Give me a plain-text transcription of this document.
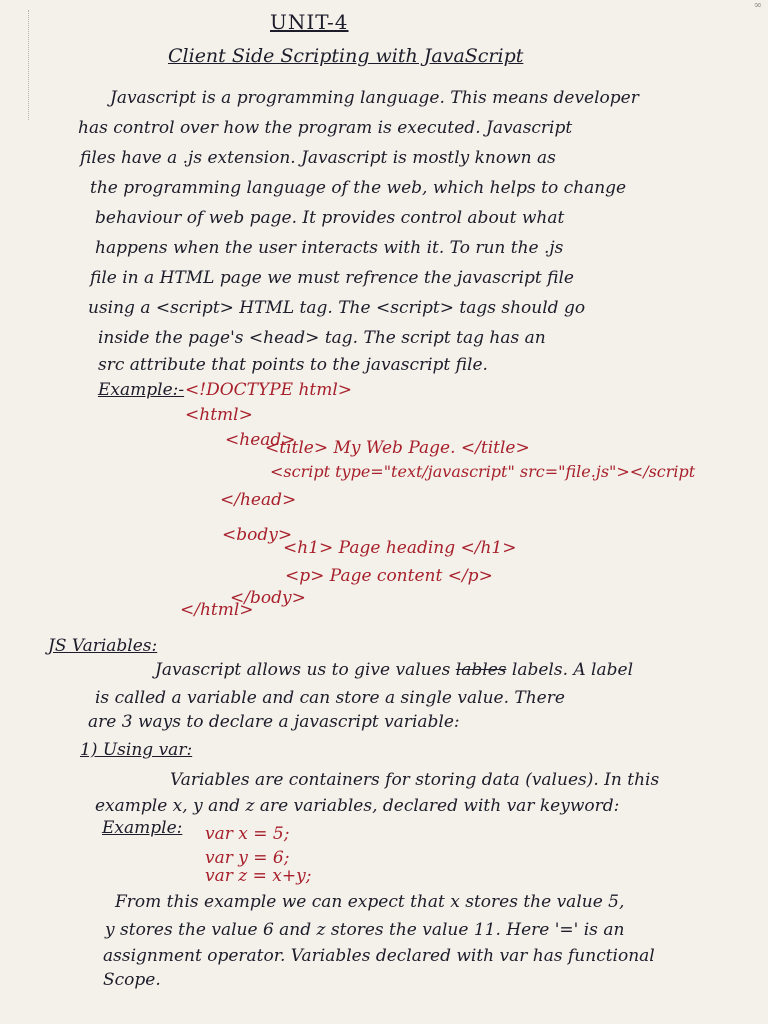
∞
UNIT-4
Client Side Scripting with JavaScript
Javascript is a programming language. This means developer
has control over how the program is executed. Javascript
files have a .js extension. Javascript is mostly known as
the programming language of the web, which helps to change
behaviour of web page. It provides control about what
happens when the user interacts with it. To run the .js
file in a HTML page we must refrence the javascript file
using a <script> HTML tag. The <script> tags should go
inside the page's <head> tag. The script tag has an
src attribute that points to the javascript file.
Example:- <!DOCTYPE html>
<html>
<head>
<title> My Web Page. </title>
<script type="text/javascript" src="file.js"></script
</head>
<body>
<h1> Page heading </h1>
<p> Page content </p>
</body>
</html>
JS Variables:
Javascript allows us to give values lables labels. A label
is called a variable and can store a single value. There
are 3 ways to declare a javascript variable:
1) Using var:
Variables are containers for storing data (values). In this
example x, y and z are variables, declared with var keyword:
Example: var x = 5;
var y = 6;
var z = x+y;
From this example we can expect that x stores the value 5,
y stores the value 6 and z stores the value 11. Here '=' is an
assignment operator. Variables declared with var has functional
Scope.
